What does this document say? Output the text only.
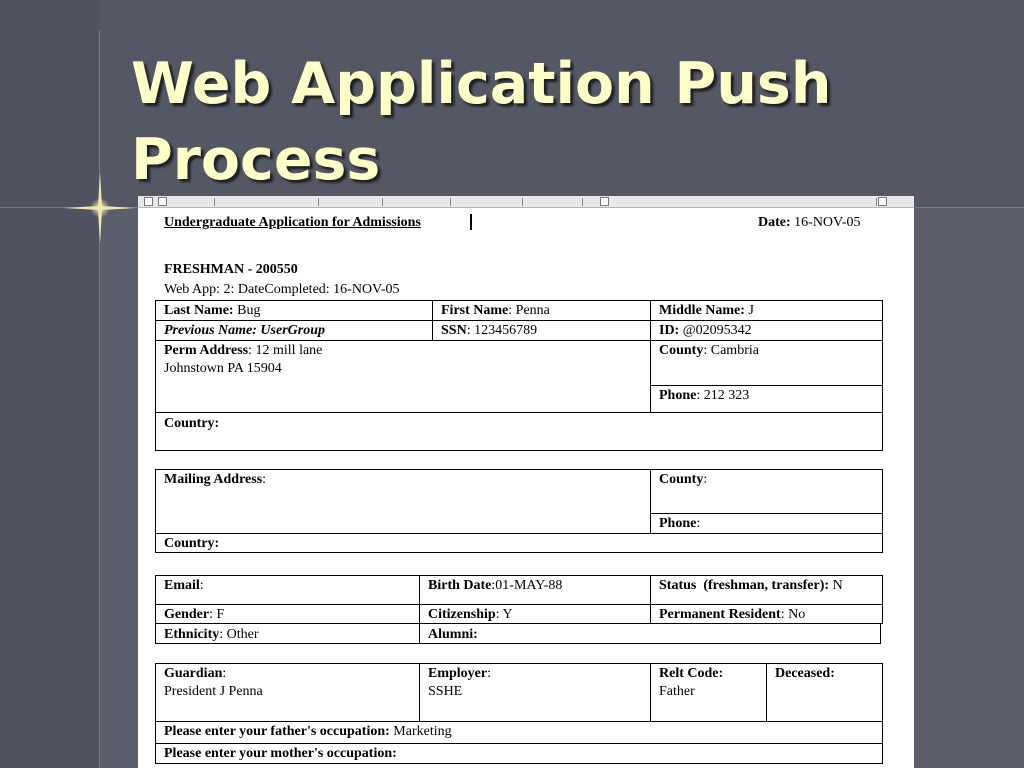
Web Application Push
Process
Undergraduate Application for Admissions	Date: 16-NOV-05
FRESHMAN - 200550
Web App: 2: DateCompleted: 16-NOV-05
Last Name: Bug	First Name: Penna	Middle Name: J
Previous Name: UserGroup	SSN: 123456789	ID: @02095342
Perm Address: 12 mill lane
Johnstown PA 15904
County: Cambria
Phone: 212 323
Country:
Mailing Address:	County:
Phone:
Country:
Email:	Birth Date:01-MAY-88	Status  (freshman, transfer): N
Gender: F	Citizenship: Y	Permanent Resident: No
Ethnicity: Other	Alumni:
Guardian:
President J Penna
Employer:
SSHE
Relt Code:
Father
Deceased:
Please enter your father's occupation: Marketing
Please enter your mother's occupation:
